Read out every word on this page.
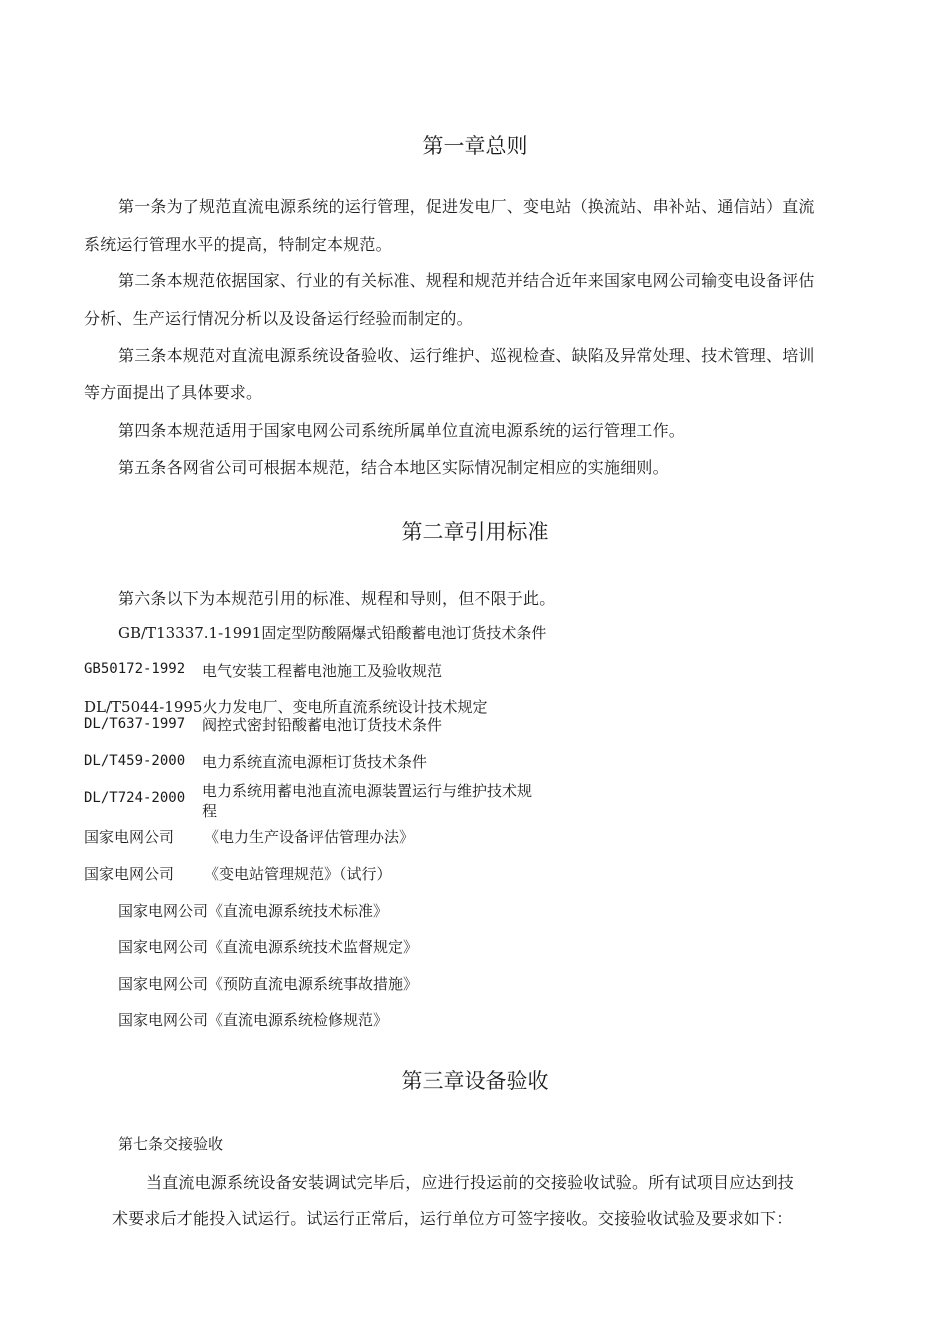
第一章总则
第一条为了规范直流电源系统的运行管理，促进发电厂、变电站（换流站、串补站、通信站）直流
系统运行管理水平的提高，特制定本规范。
第二条本规范依据国家、行业的有关标准、规程和规范并结合近年来国家电网公司输变电设备评估
分析、生产运行情况分析以及设备运行经验而制定的。
第三条本规范对直流电源系统设备验收、运行维护、巡视检查、缺陷及异常处理、技术管理、培训
等方面提出了具体要求。
第四条本规范适用于国家电网公司系统所属单位直流电源系统的运行管理工作。
第五条各网省公司可根据本规范，结合本地区实际情况制定相应的实施细则。
第二章引用标准
第六条以下为本规范引用的标准、规程和导则，但不限于此。
GB/T13337.1-1991固定型防酸隔爆式铅酸蓄电池订货技术条件
GB50172-1992 电气安装工程蓄电池施工及验收规范
DL/T5044-1995火力发电厂、变电所直流系统设计技术规定
DL/T637-1997 阀控式密封铅酸蓄电池订货技术条件
DL/T459-2000 电力系统直流电源柜订货技术条件
DL/T724-2000 电力系统用蓄电池直流电源装置运行与维护技术规
程
国家电网公司 《电力生产设备评估管理办法》
国家电网公司 《变电站管理规范》（试行）
国家电网公司《直流电源系统技术标准》
国家电网公司《直流电源系统技术监督规定》
国家电网公司《预防直流电源系统事故措施》
国家电网公司《直流电源系统检修规范》
第三章设备验收
第七条交接验收
当直流电源系统设备安装调试完毕后，应进行投运前的交接验收试验。所有试项目应达到技
术要求后才能投入试运行。试运行正常后，运行单位方可签字接收。交接验收试验及要求如下：
